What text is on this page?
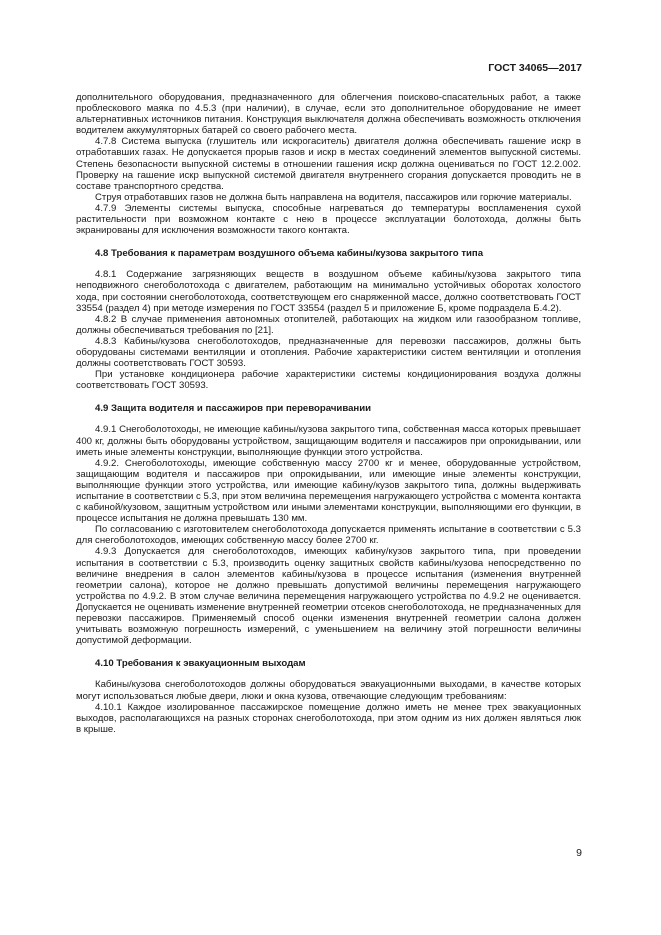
ГОСТ 34065—2017

дополнительного оборудования, предназначенного для облегчения поисково-спасательных работ, а также проблескового маяка по 4.5.3 (при наличии), в случае, если это дополнительное оборудование не имеет альтернативных источников питания. Конструкция выключателя должна обеспечивать возможность отключения водителем аккумуляторных батарей со своего рабочего места.

4.7.8 Система выпуска (глушитель или искрогаситель) двигателя должна обеспечивать гашение искр в отработавших газах. Не допускается прорыв газов и искр в местах соединений элементов выпускной системы. Степень безопасности выпускной системы в отношении гашения искр должна оцениваться по ГОСТ 12.2.002. Проверку на гашение искр выпускной системой двигателя внутреннего сгорания допускается проводить не в составе транспортного средства.

Струя отработавших газов не должна быть направлена на водителя, пассажиров или горючие материалы.

4.7.9 Элементы системы выпуска, способные нагреваться до температуры воспламенения сухой растительности при возможном контакте с нею в процессе эксплуатации болотохода, должны быть экранированы для исключения возможности такого контакта.

4.8 Требования к параметрам воздушного объема кабины/кузова закрытого типа

4.8.1 Содержание загрязняющих веществ в воздушном объеме кабины/кузова закрытого типа неподвижного снегоболотохода с двигателем, работающим на минимально устойчивых оборотах холостого хода, при состоянии снегоболотохода, соответствующем его снаряженной массе, должно соответствовать ГОСТ 33554 (раздел 4) при методе измерения по ГОСТ 33554 (раздел 5 и приложение Б, кроме подраздела Б.4.2).

4.8.2 В случае применения автономных отопителей, работающих на жидком или газообразном топливе, должны обеспечиваться требования по [21].

4.8.3 Кабины/кузова снегоболотоходов, предназначенные для перевозки пассажиров, должны быть оборудованы системами вентиляции и отопления. Рабочие характеристики систем вентиляции и отопления должны соответствовать ГОСТ 30593.

При установке кондиционера рабочие характеристики системы кондиционирования воздуха должны соответствовать ГОСТ 30593.

4.9 Защита водителя и пассажиров при переворачивании

4.9.1 Снегоболотоходы, не имеющие кабины/кузова закрытого типа, собственная масса которых превышает 400 кг, должны быть оборудованы устройством, защищающим водителя и пассажиров при опрокидывании, или иметь иные элементы конструкции, выполняющие функции этого устройства.

4.9.2. Снегоболотоходы, имеющие собственную массу 2700 кг и менее, оборудованные устройством, защищающим водителя и пассажиров при опрокидывании, или имеющие иные элементы конструкции, выполняющие функции этого устройства, или имеющие кабину/кузов закрытого типа, должны выдерживать испытание в соответствии с 5.3, при этом величина перемещения нагружающего устройства с момента контакта с кабиной/кузовом, защитным устройством или иными элементами конструкции, выполняющими его функции, в процессе испытания не должна превышать 130 мм.

По согласованию с изготовителем снегоболотохода допускается применять испытание в соответствии с 5.3 для снегоболотоходов, имеющих собственную массу более 2700 кг.

4.9.3 Допускается для снегоболотоходов, имеющих кабину/кузов закрытого типа, при проведении испытания в соответствии с 5.3, производить оценку защитных свойств кабины/кузова непосредственно по величине внедрения в салон элементов кабины/кузова в процессе испытания (изменения внутренней геометрии салона), которое не должно превышать допустимой величины перемещения нагружающего устройства по 4.9.2. В этом случае величина перемещения нагружающего устройства по 4.9.2 не оценивается. Допускается не оценивать изменение внутренней геометрии отсеков снегоболотохода, не предназначенных для перевозки пассажиров. Применяемый способ оценки изменения внутренней геометрии салона должен учитывать возможную погрешность измерений, с уменьшением на величину этой погрешности величины допустимой деформации.

4.10 Требования к эвакуационным выходам

Кабины/кузова снегоболотоходов должны оборудоваться эвакуационными выходами, в качестве которых могут использоваться любые двери, люки и окна кузова, отвечающие следующим требованиям:

4.10.1 Каждое изолированное пассажирское помещение должно иметь не менее трех эвакуационных выходов, располагающихся на разных сторонах снегоболотохода, при этом одним из них должен являться люк в крыше.

9
